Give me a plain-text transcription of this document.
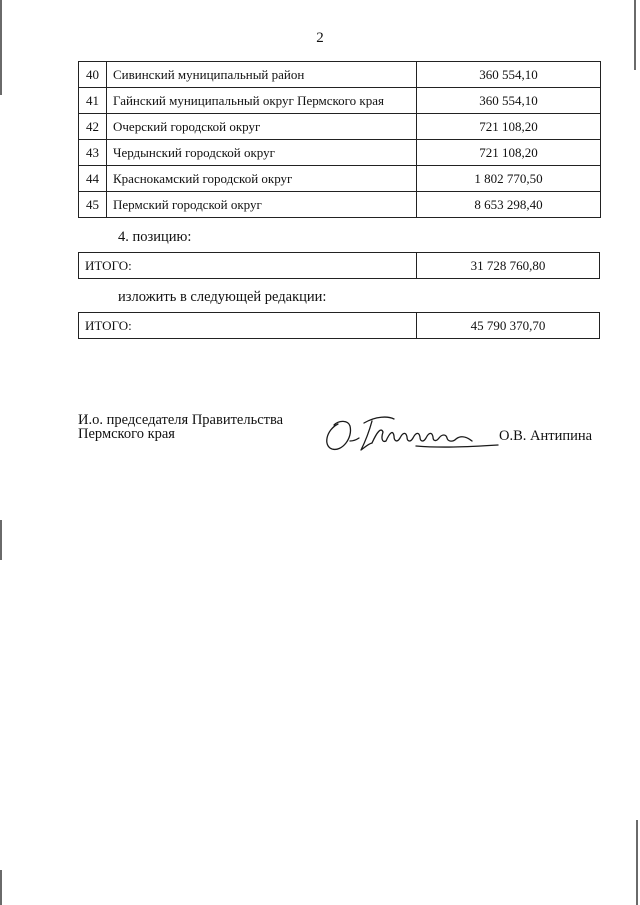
2
40	Сивинский муниципальный район	360 554,10
41	Гайнский муниципальный округ Пермского края	360 554,10
42	Очерский городской округ	721 108,20
43	Чердынский городской округ	721 108,20
44	Краснокамский городской округ	1 802 770,50
45	Пермский городской округ	8 653 298,40
4. позицию:
ИТОГО:	31 728 760,80
изложить в следующей редакции:
ИТОГО:	45 790 370,70
И.о. председателя Правительства
Пермского края	О.В. Антипина
